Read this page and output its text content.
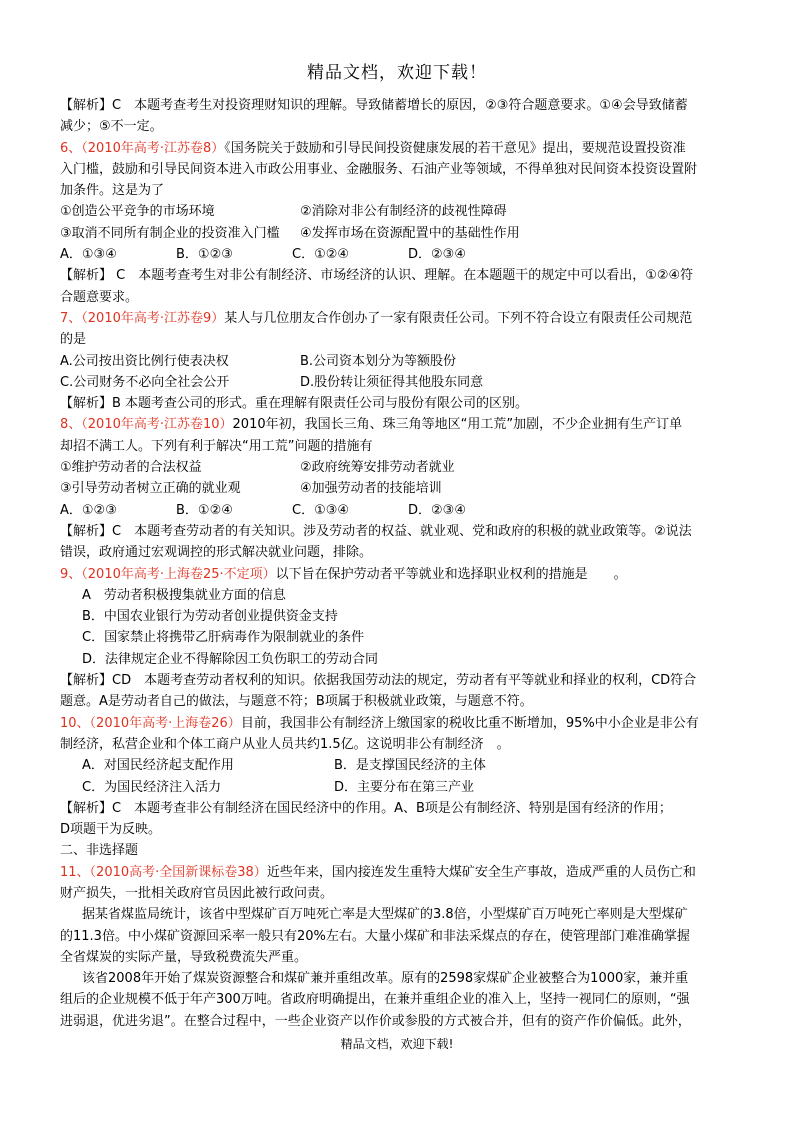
精品文档，欢迎下载！
【解析】C　本题考查考生对投资理财知识的理解。导致储蓄增长的原因，②③符合题意要求。①④会导致储蓄
减少；⑤不一定。
6、（2010年高考·江苏卷8）《国务院关于鼓励和引导民间投资健康发展的若干意见》提出，要规范设置投资准
入门槛，鼓励和引导民间资本进入市政公用事业、金融服务、石油产业等领域，不得单独对民间资本投资设置附
加条件。这是为了
①创造公平竞争的市场环境	②消除对非公有制经济的歧视性障碍
③取消不同所有制企业的投资准入门槛 ④发挥市场在资源配置中的基础性作用
A．①③④	B．①②③	C．①②④	D．②③④
【解析】 C　本题考查考生对非公有制经济、市场经济的认识、理解。在本题题干的规定中可以看出，①②④符
合题意要求。
7、（2010年高考·江苏卷9）某人与几位朋友合作创办了一家有限责任公司。下列不符合设立有限责任公司规范
的是
A.公司按出资比例行使表决权	B.公司资本划分为等额股份
C.公司财务不必向全社会公开	D.股份转让须征得其他股东同意
【解析】B 本题考查公司的形式。重在理解有限责任公司与股份有限公司的区别。
8、（2010年高考·江苏卷10）2010年初，我国长三角、珠三角等地区“用工荒”加剧，不少企业拥有生产订单
却招不满工人。下列有利于解决“用工荒”问题的措施有
①维护劳动者的合法权益	②政府统筹安排劳动者就业
③引导劳动者树立正确的就业观	④加强劳动者的技能培训
A．①②③	B．①②④	C．①③④	D．②③④
【解析】C　本题考查劳动者的有关知识。涉及劳动者的权益、就业观、党和政府的积极的就业政策等。②说法
错误，政府通过宏观调控的形式解决就业问题，排除。
9、（2010年高考·上海卷25·不定项）以下旨在保护劳动者平等就业和选择职业权利的措施是　　。
A　劳动者积极搜集就业方面的信息
B．中国农业银行为劳动者创业提供资金支持
C．国家禁止将携带乙肝病毒作为限制就业的条件
D．法律规定企业不得解除因工负伤职工的劳动合同
【解析】CD　本题考查劳动者权利的知识。依据我国劳动法的规定，劳动者有平等就业和择业的权利，CD符合
题意。A是劳动者自己的做法，与题意不符；B项属于积极就业政策，与题意不符。
10、（2010年高考·上海卷26）目前，我国非公有制经济上缴国家的税收比重不断增加，95%中小企业是非公有
制经济，私营企业和个体工商户从业人员共约1.5亿。这说明非公有制经济　。
A．对国民经济起支配作用	B．是支撑国民经济的主体
C．为国民经济注入活力	D．主要分布在第三产业
【解析】C　本题考查非公有制经济在国民经济中的作用。A、B项是公有制经济、特别是国有经济的作用；
D项题干为反映。
二、非选择题
11、（2010高考·全国新课标卷38）近些年来，国内接连发生重特大煤矿安全生产事故，造成严重的人员伤亡和
财产损失，一批相关政府官员因此被行政问责。
据某省煤监局统计，该省中型煤矿百万吨死亡率是大型煤矿的3.8倍，小型煤矿百万吨死亡率则是大型煤矿
的11.3倍。中小煤矿资源回采率一般只有20%左右。大量小煤矿和非法采煤点的存在，使管理部门难准确掌握
全省煤炭的实际产量，导致税费流失严重。
该省2008年开始了煤炭资源整合和煤矿兼并重组改革。原有的2598家煤矿企业被整合为1000家，兼并重
组后的企业规模不低于年产300万吨。省政府明确提出，在兼并重组企业的准入上，坚持一视同仁的原则，“强
进弱退，优进劣退”。在整合过程中，一些企业资产以作价或参股的方式被合并，但有的资产作价偏低。此外，
精品文档，欢迎下载!
